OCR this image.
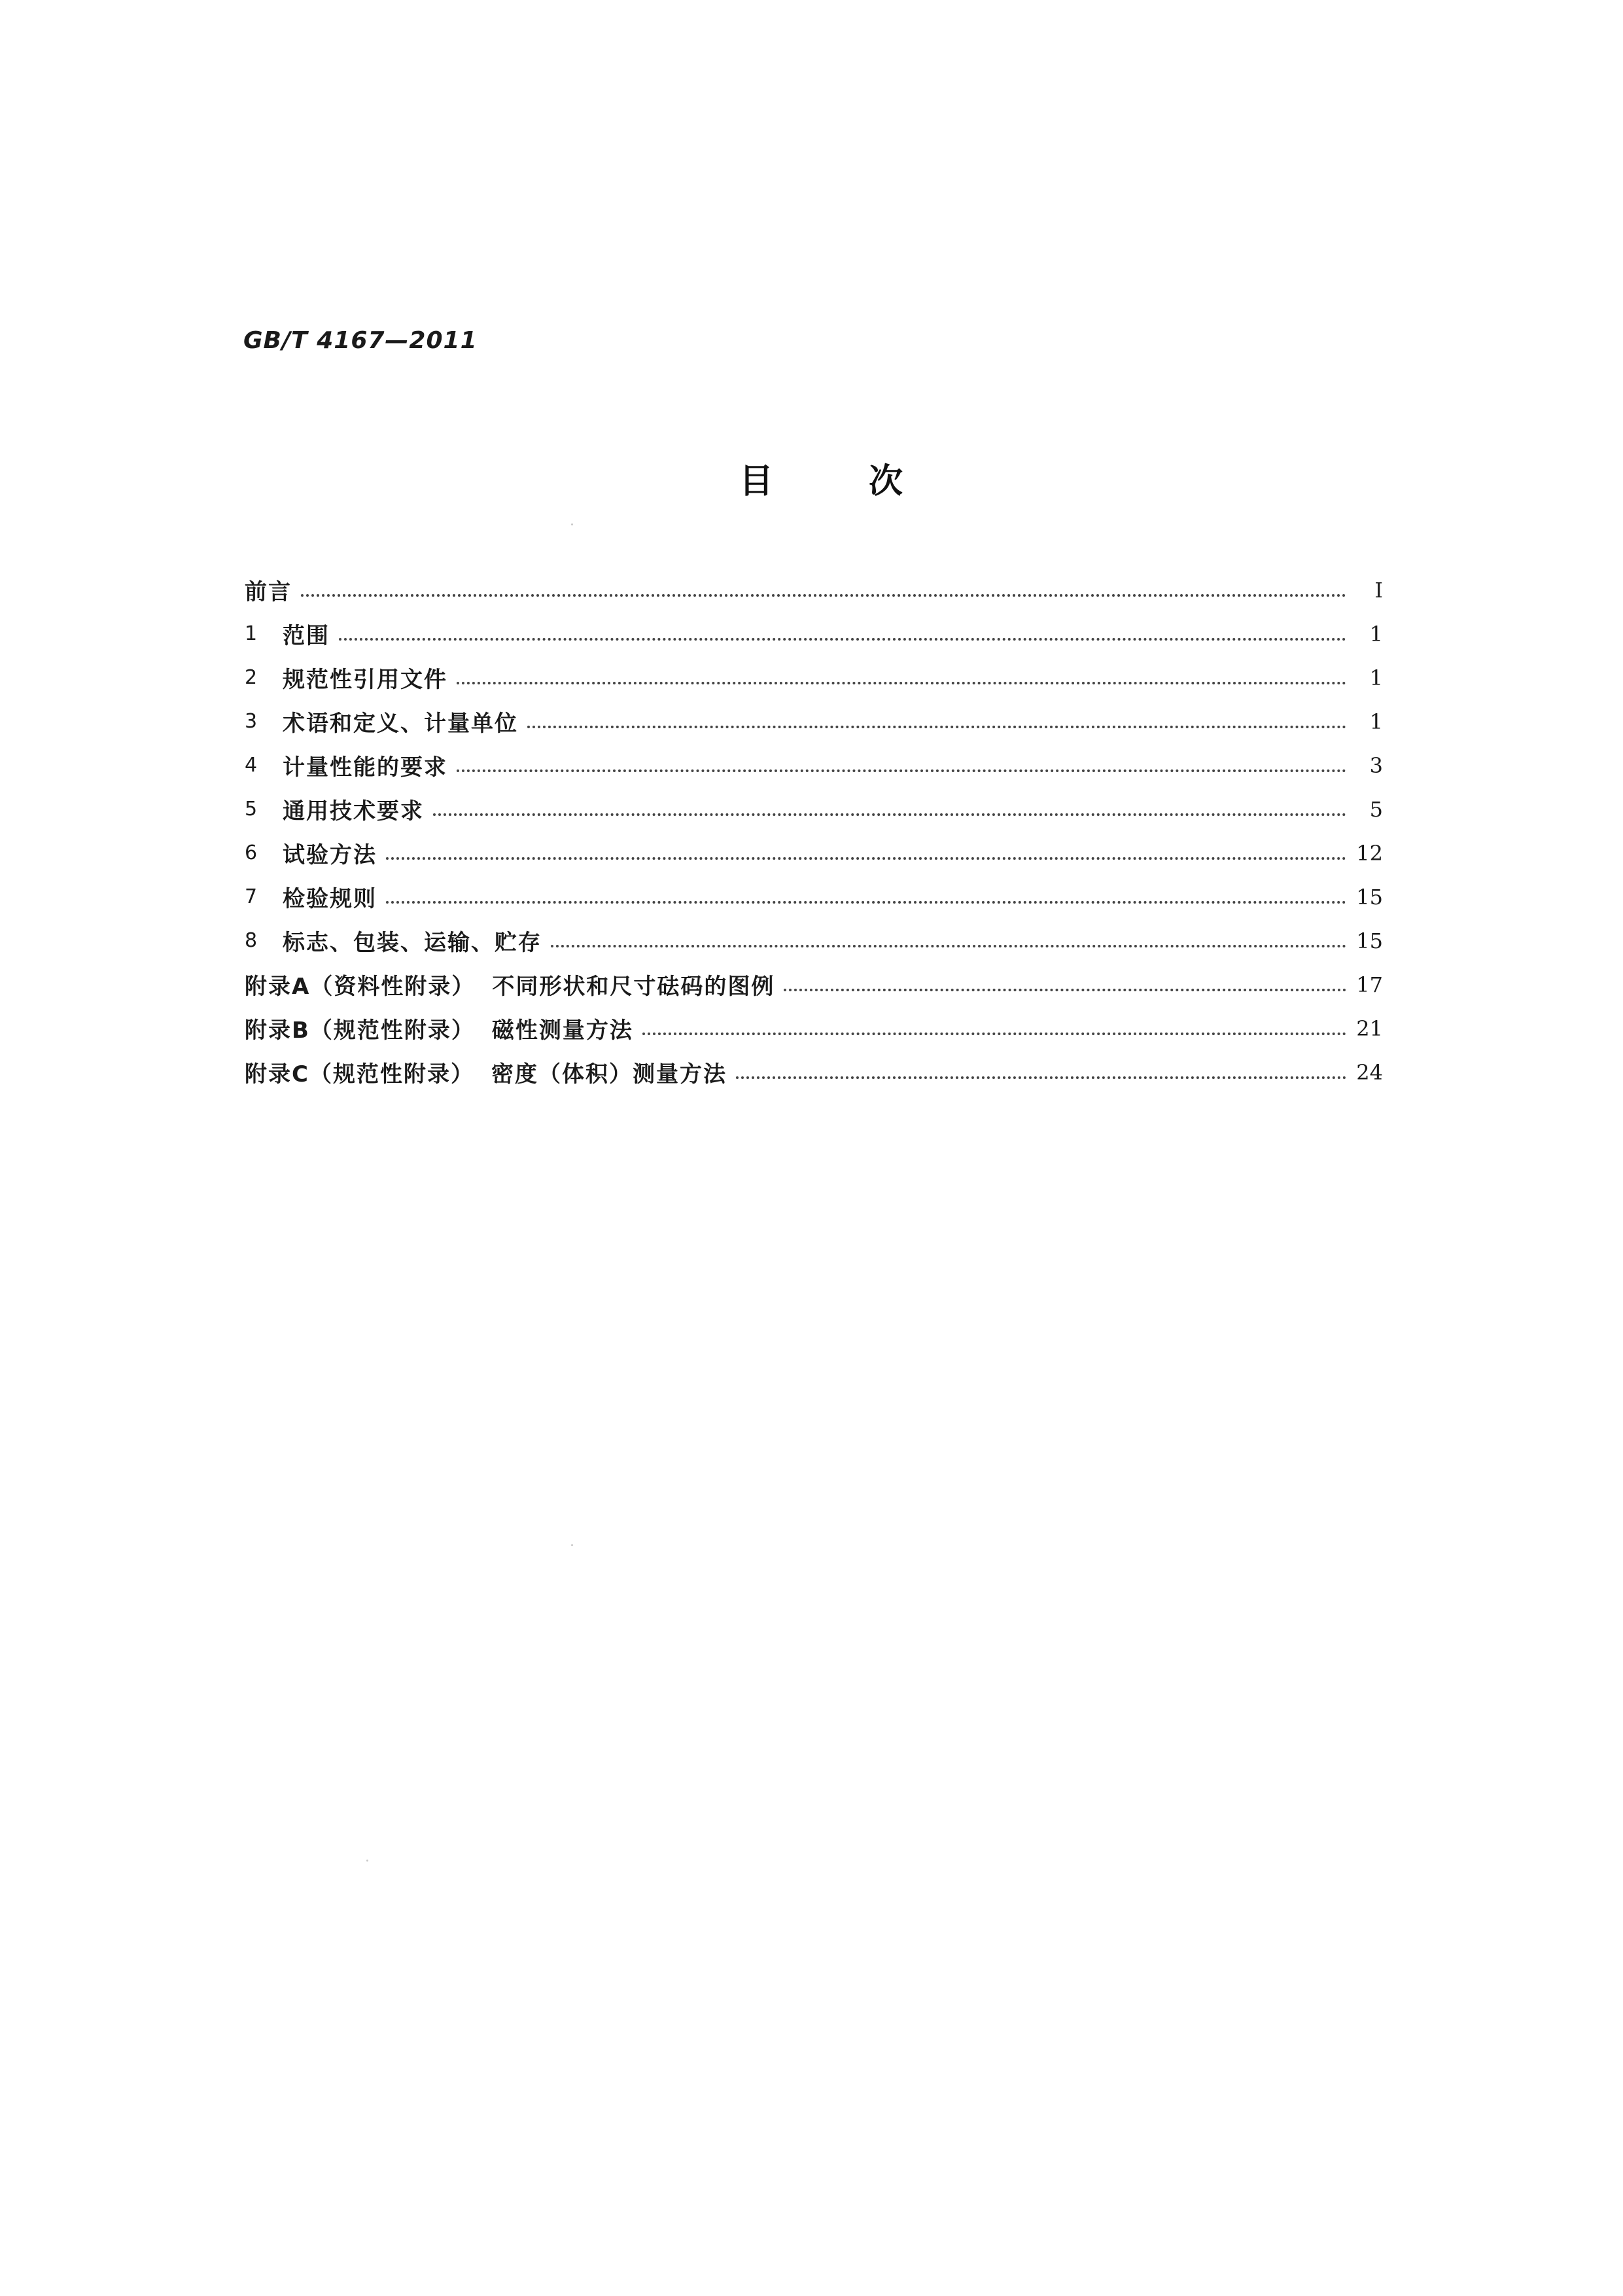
GB/T 4167—2011
目	次
前言	Ⅰ
1	范围	1
2	规范性引用文件	1
3	术语和定义、计量单位	1
4	计量性能的要求	3
5	通用技术要求	5
6	试验方法	12
7	检验规则	15
8	标志、包装、运输、贮存	15
附录A（资料性附录） 不同形状和尺寸砝码的图例	17
附录B（规范性附录） 磁性测量方法	21
附录C（规范性附录） 密度（体积）测量方法	24
